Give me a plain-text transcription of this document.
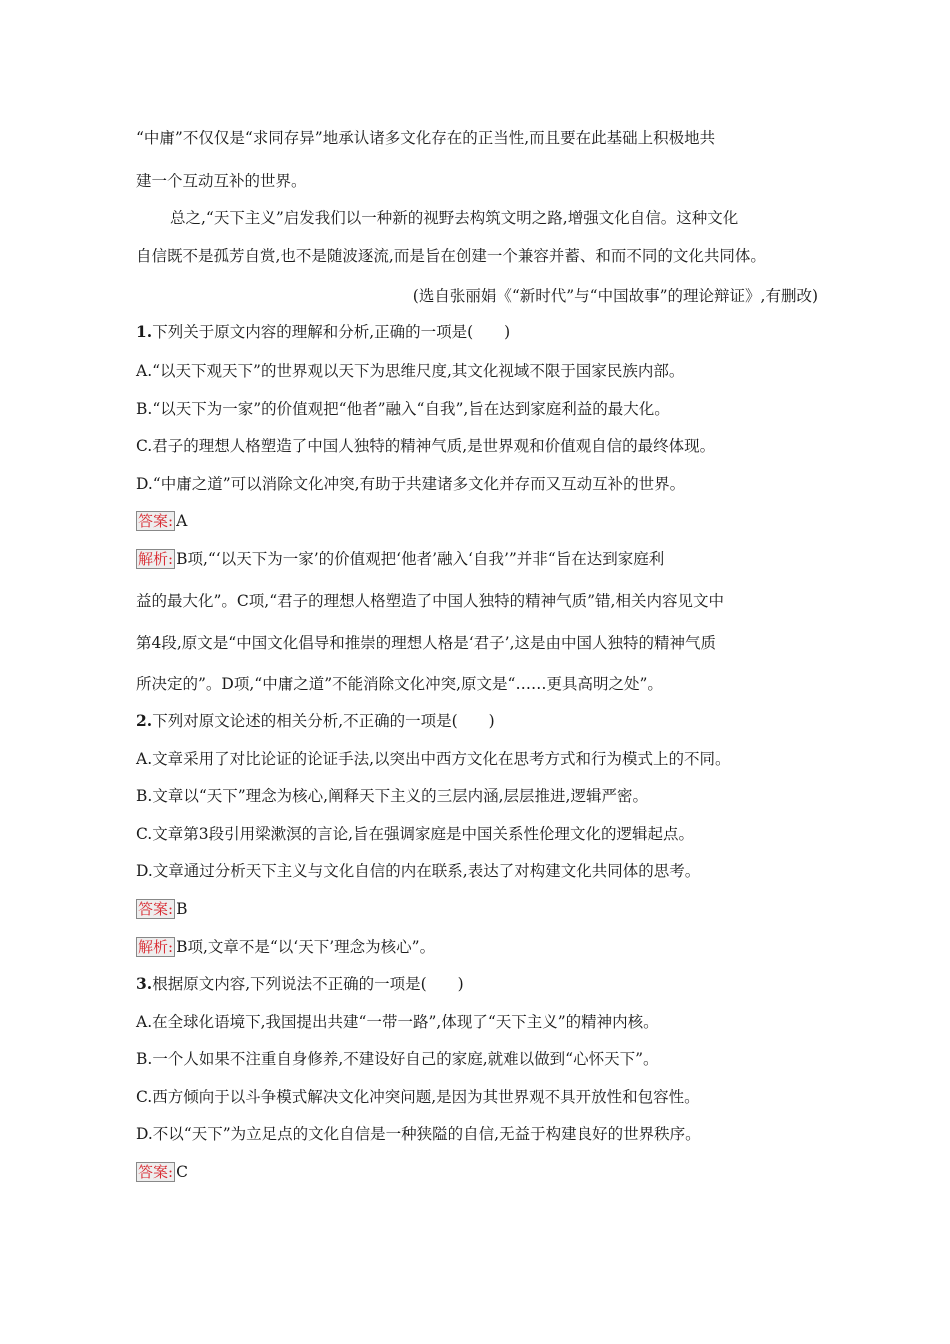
“中庸”不仅仅是“求同存异”地承认诸多文化存在的正当性,而且要在此基础上积极地共
建一个互动互补的世界。
总之,“天下主义”启发我们以一种新的视野去构筑文明之路,增强文化自信。这种文化
自信既不是孤芳自赏,也不是随波逐流,而是旨在创建一个兼容并蓄、和而不同的文化共同体。
(选自张丽娟《“新时代”与“中国故事”的理论辩证》,有删改)
1.下列关于原文内容的理解和分析,正确的一项是(　　)
A.“以天下观天下”的世界观以天下为思维尺度,其文化视域不限于国家民族内部。
B.“以天下为一家”的价值观把“他者”融入“自我”,旨在达到家庭利益的最大化。
C.君子的理想人格塑造了中国人独特的精神气质,是世界观和价值观自信的最终体现。
D.“中庸之道”可以消除文化冲突,有助于共建诸多文化并存而又互动互补的世界。
答案: A
解析: B项,“‘以天下为一家’的价值观把‘他者’融入‘自我’”并非“旨在达到家庭利
益的最大化”。C项,“君子的理想人格塑造了中国人独特的精神气质”错,相关内容见文中
第4段,原文是“中国文化倡导和推崇的理想人格是‘君子’,这是由中国人独特的精神气质
所决定的”。D项,“中庸之道”不能消除文化冲突,原文是“……更具高明之处”。
2.下列对原文论述的相关分析,不正确的一项是(　　)
A.文章采用了对比论证的论证手法,以突出中西方文化在思考方式和行为模式上的不同。
B.文章以“天下”理念为核心,阐释天下主义的三层内涵,层层推进,逻辑严密。
C.文章第3段引用梁漱溟的言论,旨在强调家庭是中国关系性伦理文化的逻辑起点。
D.文章通过分析天下主义与文化自信的内在联系,表达了对构建文化共同体的思考。
答案: B
解析: B项,文章不是“以‘天下’理念为核心”。
3.根据原文内容,下列说法不正确的一项是(　　)
A.在全球化语境下,我国提出共建“一带一路”,体现了“天下主义”的精神内核。
B.一个人如果不注重自身修养,不建设好自己的家庭,就难以做到“心怀天下”。
C.西方倾向于以斗争模式解决文化冲突问题,是因为其世界观不具开放性和包容性。
D.不以“天下”为立足点的文化自信是一种狭隘的自信,无益于构建良好的世界秩序。
答案: C
